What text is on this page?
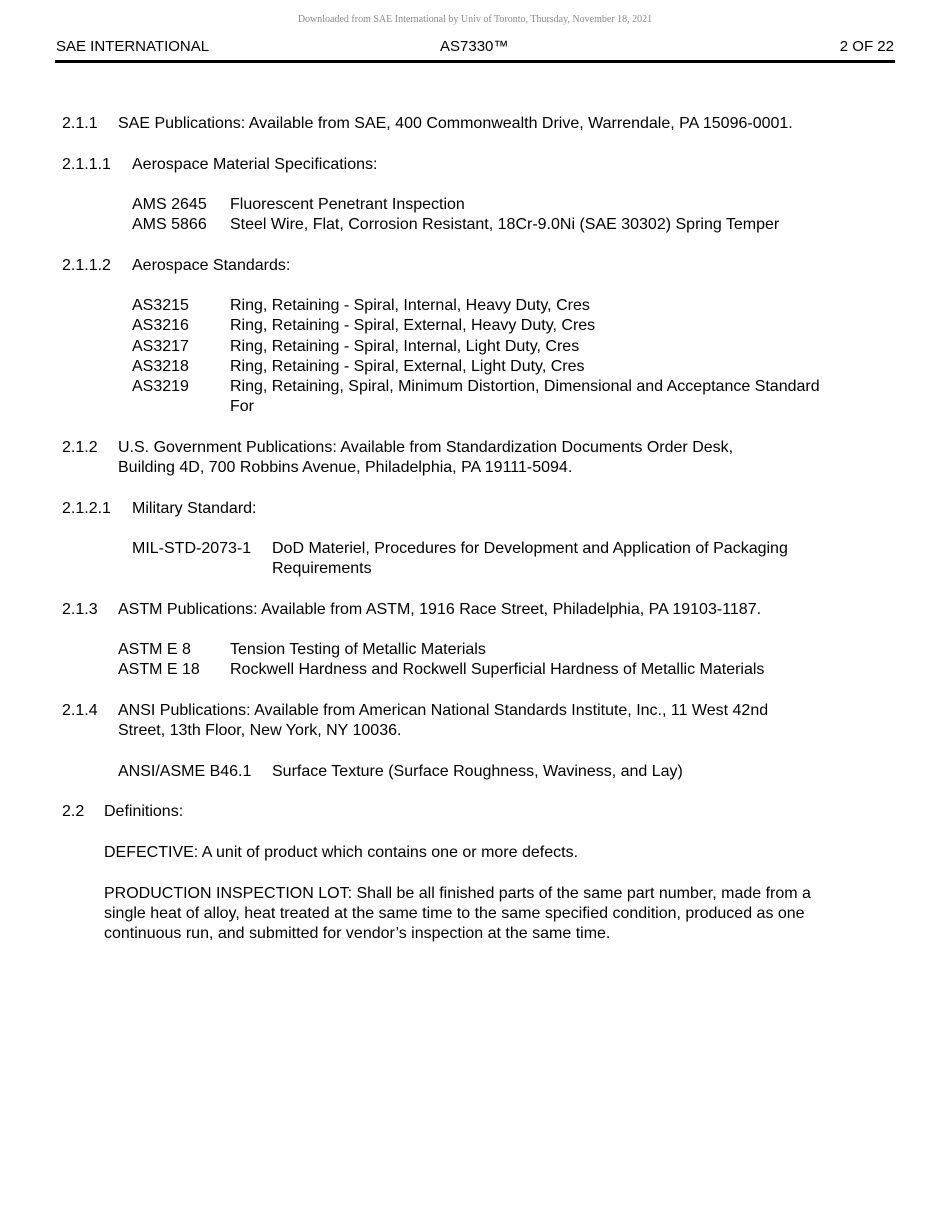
Downloaded from SAE International by Univ of Toronto, Thursday, November 18, 2021
SAE INTERNATIONAL	AS7330™	2 OF 22
2.1.1 SAE Publications: Available from SAE, 400 Commonwealth Drive, Warrendale, PA 15096-0001.
2.1.1.1 Aerospace Material Specifications:
AMS 2645 Fluorescent Penetrant Inspection
AMS 5866 Steel Wire, Flat, Corrosion Resistant, 18Cr-9.0Ni (SAE 30302) Spring Temper
2.1.1.2 Aerospace Standards:
AS3215	Ring, Retaining - Spiral, Internal, Heavy Duty, Cres
AS3216	Ring, Retaining - Spiral, External, Heavy Duty, Cres
AS3217	Ring, Retaining - Spiral, Internal, Light Duty, Cres
AS3218	Ring, Retaining - Spiral, External, Light Duty, Cres
AS3219	Ring, Retaining, Spiral, Minimum Distortion, Dimensional and Acceptance Standard
For
2.1.2 U.S. Government Publications: Available from Standardization Documents Order Desk,
Building 4D, 700 Robbins Avenue, Philadelphia, PA 19111-5094.
2.1.2.1 Military Standard:
MIL-STD-2073-1 DoD Materiel, Procedures for Development and Application of Packaging
Requirements
2.1.3 ASTM Publications: Available from ASTM, 1916 Race Street, Philadelphia, PA 19103-1187.
ASTM E 8 Tension Testing of Metallic Materials
ASTM E 18 Rockwell Hardness and Rockwell Superficial Hardness of Metallic Materials
2.1.4 ANSI Publications: Available from American National Standards Institute, Inc., 11 West 42nd
Street, 13th Floor, New York, NY 10036.
ANSI/ASME B46.1 Surface Texture (Surface Roughness, Waviness, and Lay)
2.2 Definitions:
DEFECTIVE: A unit of product which contains one or more defects.
PRODUCTION INSPECTION LOT: Shall be all finished parts of the same part number, made from a
single heat of alloy, heat treated at the same time to the same specified condition, produced as one
continuous run, and submitted for vendor’s inspection at the same time.
